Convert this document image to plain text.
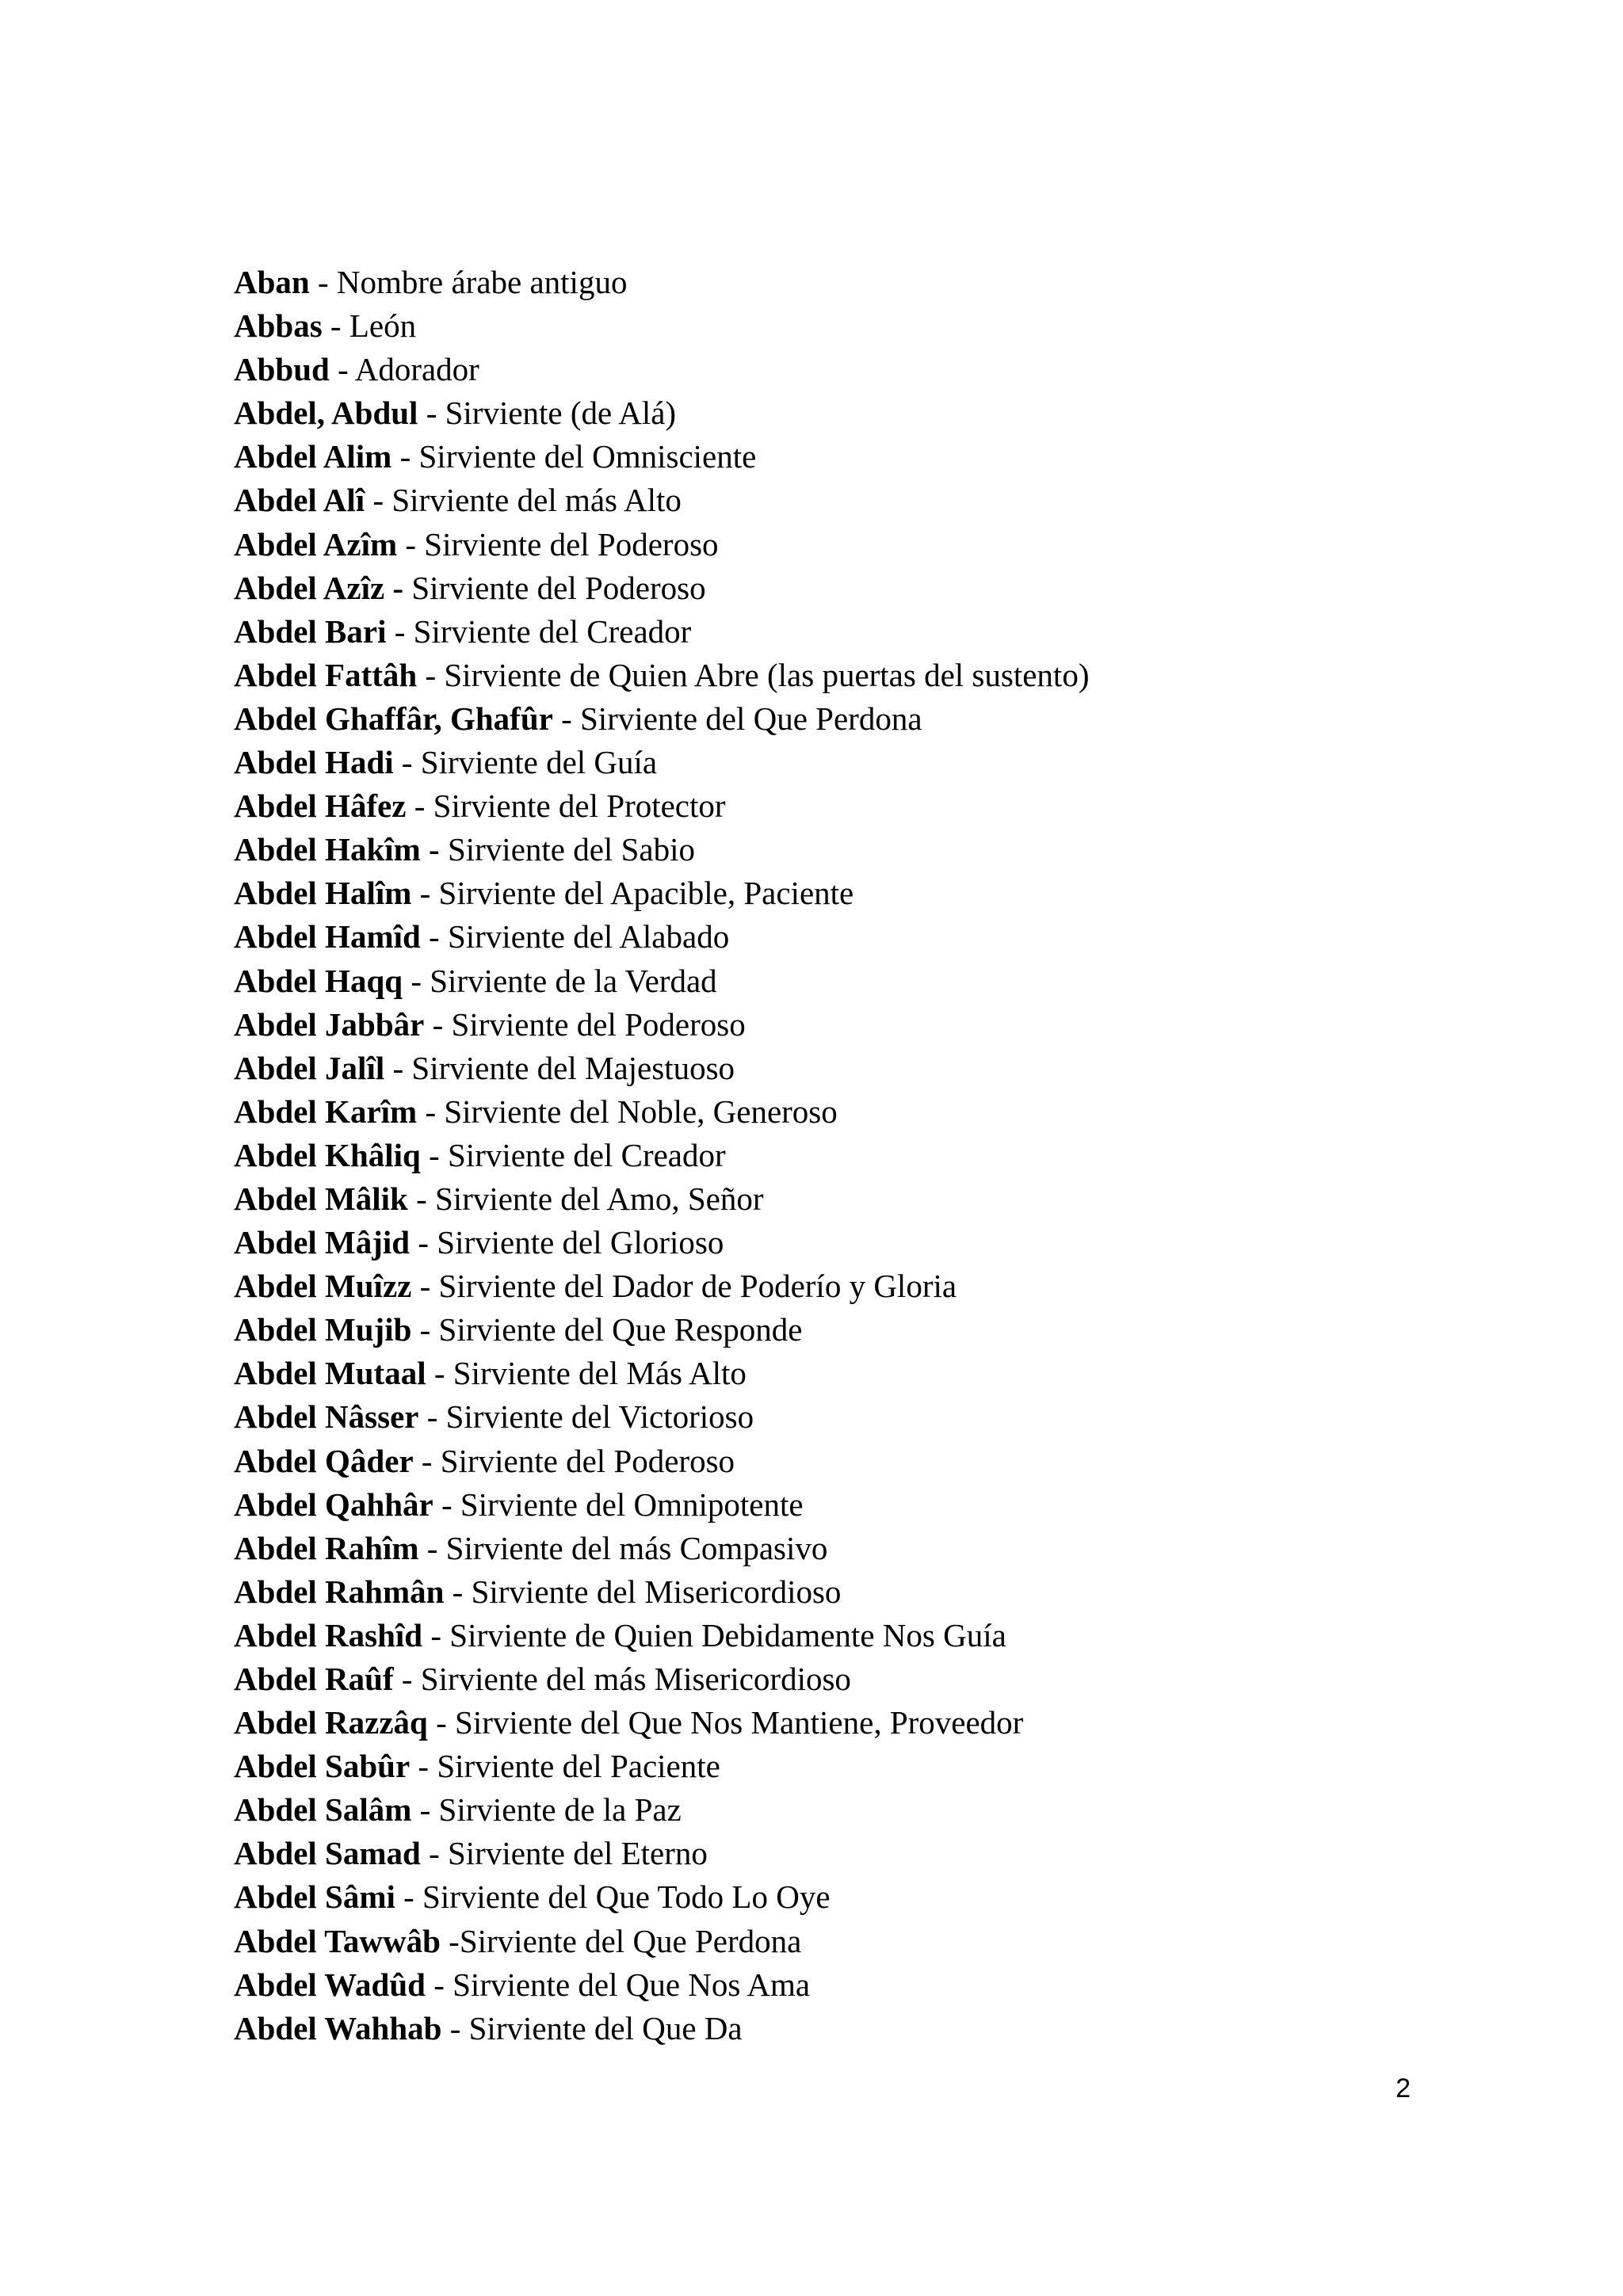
Aban - Nombre árabe antiguo
Abbas - León
Abbud - Adorador
Abdel, Abdul - Sirviente (de Alá)
Abdel Alim - Sirviente del Omnisciente
Abdel Alî - Sirviente del más Alto
Abdel Azîm - Sirviente del Poderoso
Abdel Azîz - Sirviente del Poderoso
Abdel Bari - Sirviente del Creador
Abdel Fattâh - Sirviente de Quien Abre (las puertas del sustento)
Abdel Ghaffâr, Ghafûr - Sirviente del Que Perdona
Abdel Hadi - Sirviente del Guía
Abdel Hâfez - Sirviente del Protector
Abdel Hakîm - Sirviente del Sabio
Abdel Halîm - Sirviente del Apacible, Paciente
Abdel Hamîd - Sirviente del Alabado
Abdel Haqq - Sirviente de la Verdad
Abdel Jabbâr - Sirviente del Poderoso
Abdel Jalîl - Sirviente del Majestuoso
Abdel Karîm - Sirviente del Noble, Generoso
Abdel Khâliq - Sirviente del Creador
Abdel Mâlik - Sirviente del Amo, Señor
Abdel Mâjid - Sirviente del Glorioso
Abdel Muîzz - Sirviente del Dador de Poderío y Gloria
Abdel Mujib - Sirviente del Que Responde
Abdel Mutaal - Sirviente del Más Alto
Abdel Nâsser - Sirviente del Victorioso
Abdel Qâder - Sirviente del Poderoso
Abdel Qahhâr - Sirviente del Omnipotente
Abdel Rahîm - Sirviente del más Compasivo
Abdel Rahmân - Sirviente del Misericordioso
Abdel Rashîd - Sirviente de Quien Debidamente Nos Guía
Abdel Raûf - Sirviente del más Misericordioso
Abdel Razzâq - Sirviente del Que Nos Mantiene, Proveedor
Abdel Sabûr - Sirviente del Paciente
Abdel Salâm - Sirviente de la Paz
Abdel Samad - Sirviente del Eterno
Abdel Sâmi - Sirviente del Que Todo Lo Oye
Abdel Tawwâb -Sirviente del Que Perdona
Abdel Wadûd - Sirviente del Que Nos Ama
Abdel Wahhab - Sirviente del Que Da
2
